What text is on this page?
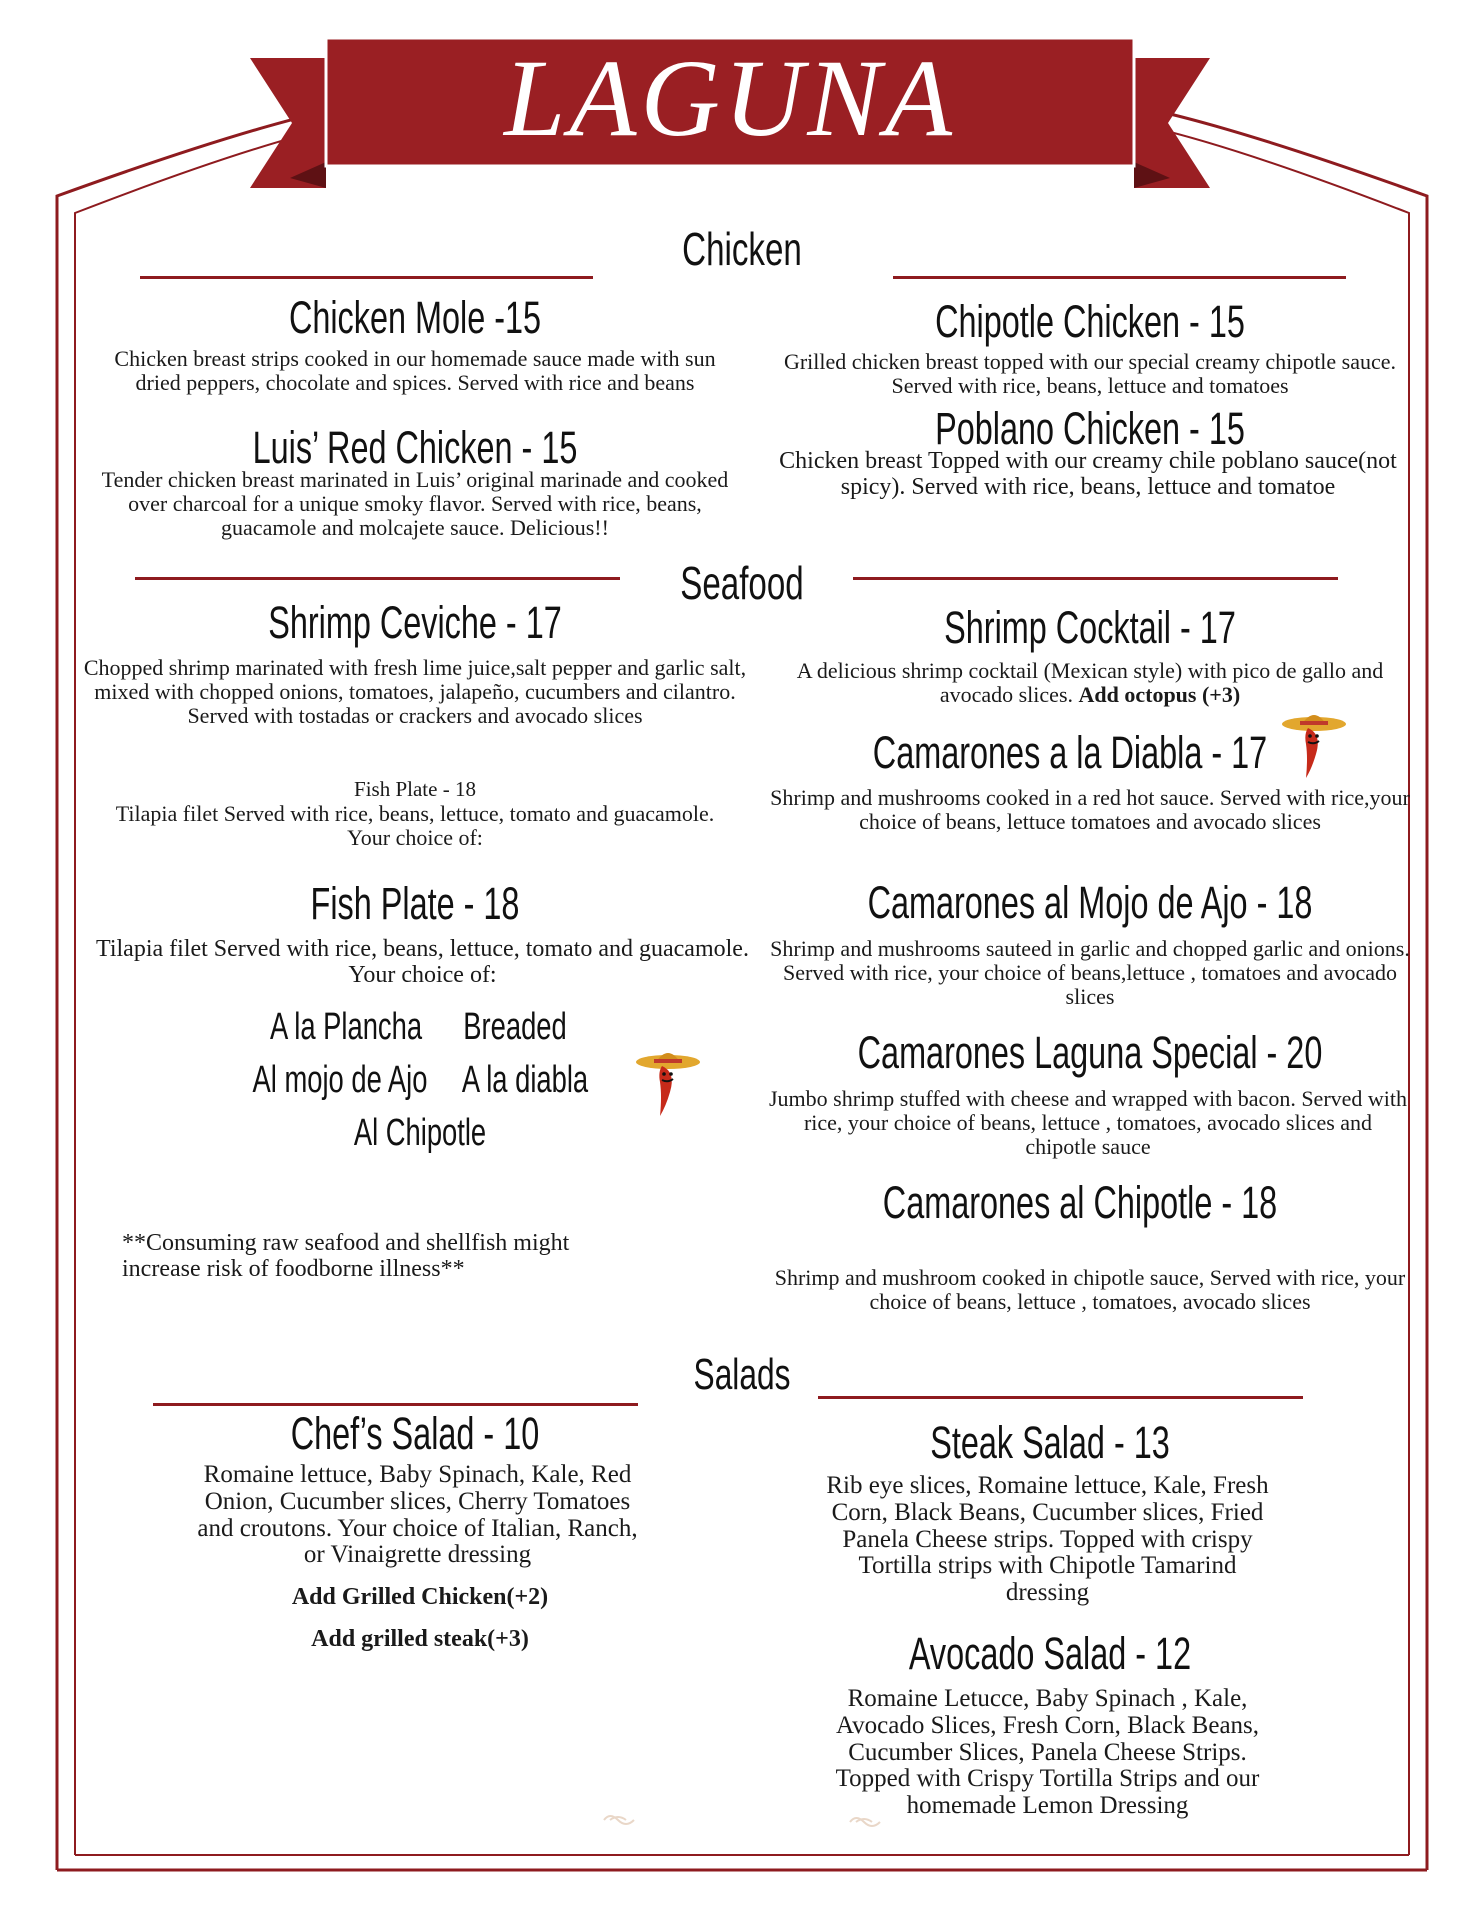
LAGUNA
Chicken
Chicken Mole -15
Chicken breast strips cooked in our homemade sauce made with sun dried peppers, chocolate and spices. Served with rice and beans
Luis’ Red Chicken - 15
Tender chicken breast marinated in Luis’ original marinade and cooked over charcoal for a unique smoky flavor. Served with rice, beans, guacamole and molcajete sauce. Delicious!!
Chipotle Chicken - 15
Grilled chicken breast topped with our special creamy chipotle sauce. Served with rice, beans, lettuce and tomatoes
Poblano Chicken - 15
Chicken breast Topped with our creamy chile poblano sauce(not spicy). Served with rice, beans, lettuce and tomatoe
Seafood
Shrimp Ceviche - 17
Chopped shrimp marinated with fresh lime juice,salt pepper and garlic salt, mixed with chopped onions, tomatoes, jalapeño, cucumbers and cilantro. Served with tostadas or crackers and avocado slices
Fish Plate - 18
Tilapia filet Served with rice, beans, lettuce, tomato and guacamole. Your choice of:
Fish Plate - 18
Tilapia filet Served with rice, beans, lettuce, tomato and guacamole. Your choice of:
A la Plancha	Breaded
Al mojo de Ajo A la diabla
Al Chipotle
**Consuming raw seafood and shellfish might increase risk of foodborne illness**
Shrimp Cocktail - 17
A delicious shrimp cocktail (Mexican style) with pico de gallo and avocado slices. Add octopus (+3)
Camarones a la Diabla - 17
Shrimp and mushrooms cooked in a red hot sauce. Served with rice,your choice of beans, lettuce tomatoes and avocado slices
Camarones al Mojo de Ajo - 18
Shrimp and mushrooms sauteed in garlic and chopped garlic and onions. Served with rice, your choice of beans,lettuce , tomatoes and avocado slices
Camarones Laguna Special - 20
Jumbo shrimp stuffed with cheese and wrapped with bacon. Served with rice, your choice of beans, lettuce , tomatoes, avocado slices and chipotle sauce
Camarones al Chipotle - 18
Shrimp and mushroom cooked in chipotle sauce, Served with rice, your choice of beans, lettuce , tomatoes, avocado slices
Salads
Chef’s Salad - 10
Romaine lettuce, Baby Spinach, Kale, Red Onion, Cucumber slices, Cherry Tomatoes and croutons. Your choice of Italian, Ranch, or Vinaigrette dressing
Add Grilled Chicken(+2)
Add grilled steak(+3)
Steak Salad - 13
Rib eye slices, Romaine lettuce, Kale, Fresh Corn, Black Beans, Cucumber slices, Fried Panela Cheese strips. Topped with crispy Tortilla strips with Chipotle Tamarind dressing
Avocado Salad - 12
Romaine Letucce, Baby Spinach , Kale, Avocado Slices, Fresh Corn, Black Beans, Cucumber Slices, Panela Cheese Strips. Topped with Crispy Tortilla Strips and our homemade Lemon Dressing
